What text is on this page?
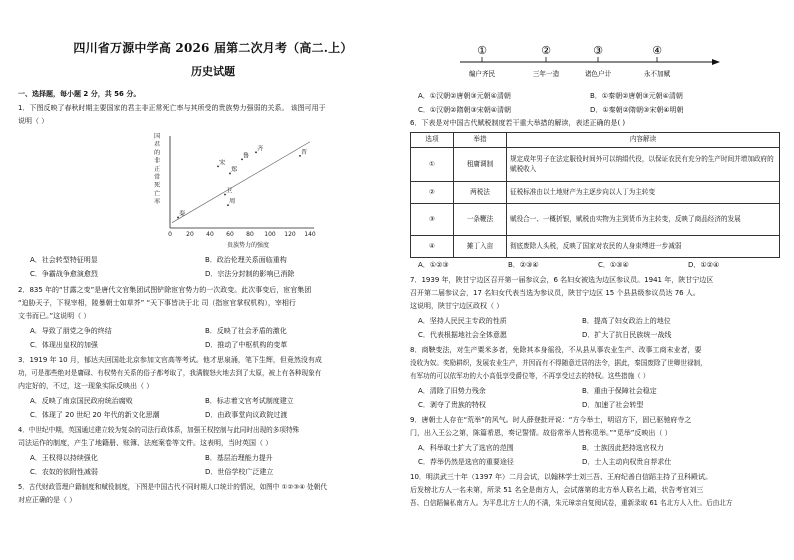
四川省万源中学高 2026 届第二次月考（高二.上）
历史试题
一、选择题，每小题 2 分，共 56 分。
1．下图反映了春秋时期主要国家的君主非正常死亡率与其所受的贵族势力强弱的关系。 该图可用于
说明（ ）
国君的非正常死亡率
0 20 40 60 80 100 120 140
贵族势力的强度
秦
卫
周
宋
郑
鲁
齐
晋
A．社会转型特征明显	B．政治伦理关系面临重构
C．争霸战争愈演愈烈	D．宗法分封制的影响已消除
2．835 年的“甘露之变”是唐代文官集团试图铲除宦官势力的一次政变。此次事变后，宦官集团
“迫胁天子，下视宰相，陵暴朝士如草芥” “天下事皆决于北 司（指宦官掌权机构），宰相行
文书而已。”这说明（ ）
A．导致了朋党之争的终结	B．反映了社会矛盾的激化
C．体现出皇权的加强	D．推动了中枢机构的变革
3．1919 年 10 月，郁达夫回国赴北京参加文官高等考试。他才思泉涌，笔下生辉，但竟然没有成
功，可是那些绝对是庸碌、有权势有关系的俗子都考取了，我满腹怒火地去到了太原，被上有各种现象有
内定好的，不过，这一现象实际反映出（ ）
A．反映了南京国民政府统治腐败	B．标志着文官考试制度建立
C．体现了 20 世纪 20 年代的新文化思潮	D．由政事堂向议政院过渡
4．中世纪中期，英国通过建立较为复杂的司法行政体系，加强王权控制与此同时出现的多项特殊
司法运作的制度，产生了地籍册、账簿、法庭案卷等文件。这表明，当时英国（ ）
A．王权得以持续强化	B．基层治理能力提升
C．农奴的依附性减弱	D．世俗学校广泛建立
5．古代财政管理户籍制度和赋役制度，下图是中国古代不同时期人口统计的情况，如图中 ①②③④ 处朝代
对应正确的是（ ）
①
编户齐民
②
三年一造
③
诸色户计
④
永不加赋
A．①汉朝②唐朝③元朝④清朝	B．①秦朝②唐朝③元朝④清朝
C．①汉朝②隋朝③宋朝④清朝	D．①秦朝②隋朝③宋朝④明朝
6．下表是对中国古代赋税制度若干重大举措的解读，表述正确的是( )
选项	举措	内容解读
①	租庸调制	规定成年男子在法定服役时间外可以纳绢代役，以保证农民有充分的生产时间并增加政府的赋税收入
②	两税法	征税标准由以土地财产为主逐步向以人丁为主转变
③	一条鞭法	赋役合一、一概折银，赋税由实物为主到货币为主转变，反映了商品经济的发展
④	摊丁入亩	彻底废除人头税，反映了国家对农民的人身束缚进一步减弱
A．①②③	B．②③④	C．①③④	D．①②④
7．1939 年，陕甘宁边区召开第一届参议会，6 名妇女被选为边区参议员。1941 年，陕甘宁边区
召开第二届参议会，17 名妇女代表当选为参议员，陕甘宁边区 15 个县县级参议员达 76 人。
这说明，陕甘宁边区政权（ ）
A．坚持人民民主专政的性质	B．提高了妇女政治上的地位
C．代表根据地社会全体意愿	D．扩大了抗日民族统一战线
8．商鞅变法，对生产粟米多者，免除其本身徭役，不从县从事农业生产、改事工商末业者，要
没收为奴。奖励耕织，发展农业生产，并因而有不得随意迁居的法令，据此，秦国废除了世卿世禄制，
有军功的可以依军功的大小高低享受爵位等，不再享受过去的特权。这些措施（ ）
A．清除了旧势力残余	B．重由于保障社会稳定
C．剥夺了贵族的特权	D．加速了社会转型
9．唐朝士人存在“荒举”的风气。时人薛登批评说：“方今举士，明诏方下，固已驱驰府寺之
门，出入王公之第，陈篇希恩，奏记誓情。故俗常举人皆称觅举。”“觅举”反映出（ ）
A．科举取士扩大了选官的范围	B．士族因此把持选官权力
C．荐举仍然是选官的重要途径	D．士人主动向权贵自荐求仕
10．明洪武三十年（1397 年）二月会试，以翰林学士刘三吾、王府纪善白信蹈主持了丑科殿试。
后发榜北方人一名未第，所录 51 名全是南方人，会试落第的北方举人联名上疏，状告考官刘三
吾、白信蹈偏私南方人。为平息北方士人的不满，朱元璋亲自复阅试卷，重新录取 61 名北方人入仕。后由北方
